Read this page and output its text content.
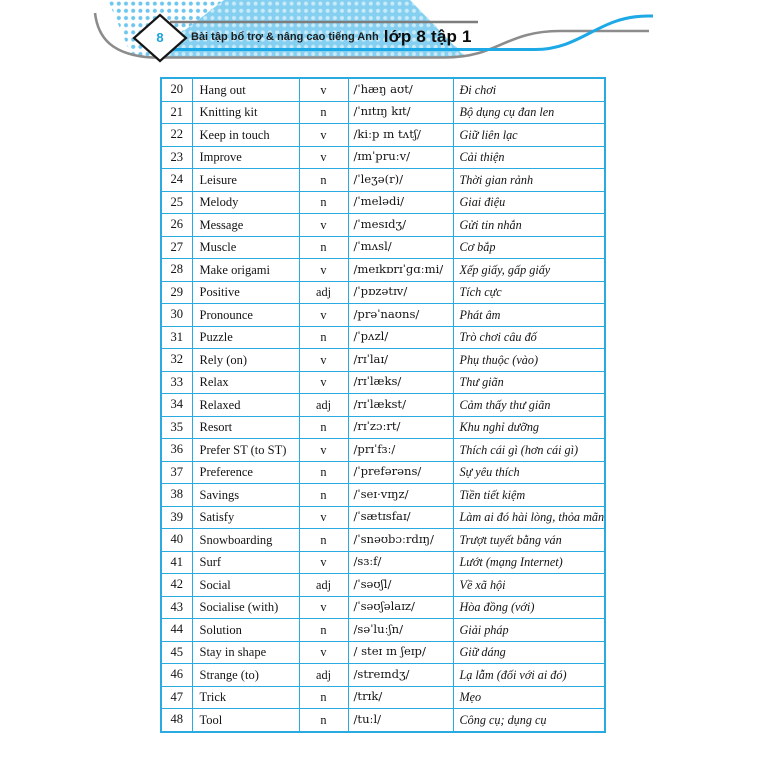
8	Bài tập bổ trợ & nâng cao tiếng Anh lớp 8 tập 1
20	Hang out	v	/ˈhæŋ aʊt/	Đi chơi
21	Knitting kit	n	/ˈnɪtɪŋ kɪt/	Bộ dụng cụ đan len
22	Keep in touch	v	/kiːp ɪn tʌtʃ/	Giữ liên lạc
23	Improve	v	/ɪmˈpruːv/	Cải thiện
24	Leisure	n	/ˈleʒə(r)/	Thời gian rảnh
25	Melody	n	/ˈmelədi/	Giai điệu
26	Message	v	/ˈmesɪdʒ/	Gửi tin nhắn
27	Muscle	n	/ˈmʌsl/	Cơ bắp
28	Make origami	v	/meɪkɒrɪˈɡɑːmi/	Xếp giấy, gấp giấy
29	Positive	adj	/ˈpɒzətɪv/	Tích cực
30	Pronounce	v	/prəˈnaʊns/	Phát âm
31	Puzzle	n	/ˈpʌzl/	Trò chơi câu đố
32	Rely (on)	v	/rɪˈlaɪ/	Phụ thuộc (vào)
33	Relax	v	/rɪˈlæks/	Thư giãn
34	Relaxed	adj	/rɪˈlækst/	Cảm thấy thư giãn
35	Resort	n	/rɪˈzɔːrt/	Khu nghỉ dưỡng
36	Prefer ST (to ST)	v	/prɪˈfɜː/	Thích cái gì (hơn cái gì)
37	Preference	n	/ˈprefərəns/	Sự yêu thích
38	Savings	n	/ˈseɪ·vɪŋz/	Tiền tiết kiệm
39	Satisfy	v	/ˈsætɪsfaɪ/	Làm ai đó hài lòng, thỏa mãn
40	Snowboarding	n	/ˈsnəʊbɔːrdɪŋ/	Trượt tuyết bằng ván
41	Surf	v	/sɜːf/	Lướt (mạng Internet)
42	Social	adj	/ˈsəʊʃl/	Về xã hội
43	Socialise (with)	v	/ˈsəʊʃəlaɪz/	Hòa đồng (với)
44	Solution	n	/səˈluːʃn/	Giải pháp
45	Stay in shape	v	/ steɪ ɪn ʃeɪp/	Giữ dáng
46	Strange (to)	adj	/streɪndʒ/	Lạ lẫm (đối với ai đó)
47	Trick	n	/trɪk/	Mẹo
48	Tool	n	/tuːl/	Công cụ; dụng cụ
